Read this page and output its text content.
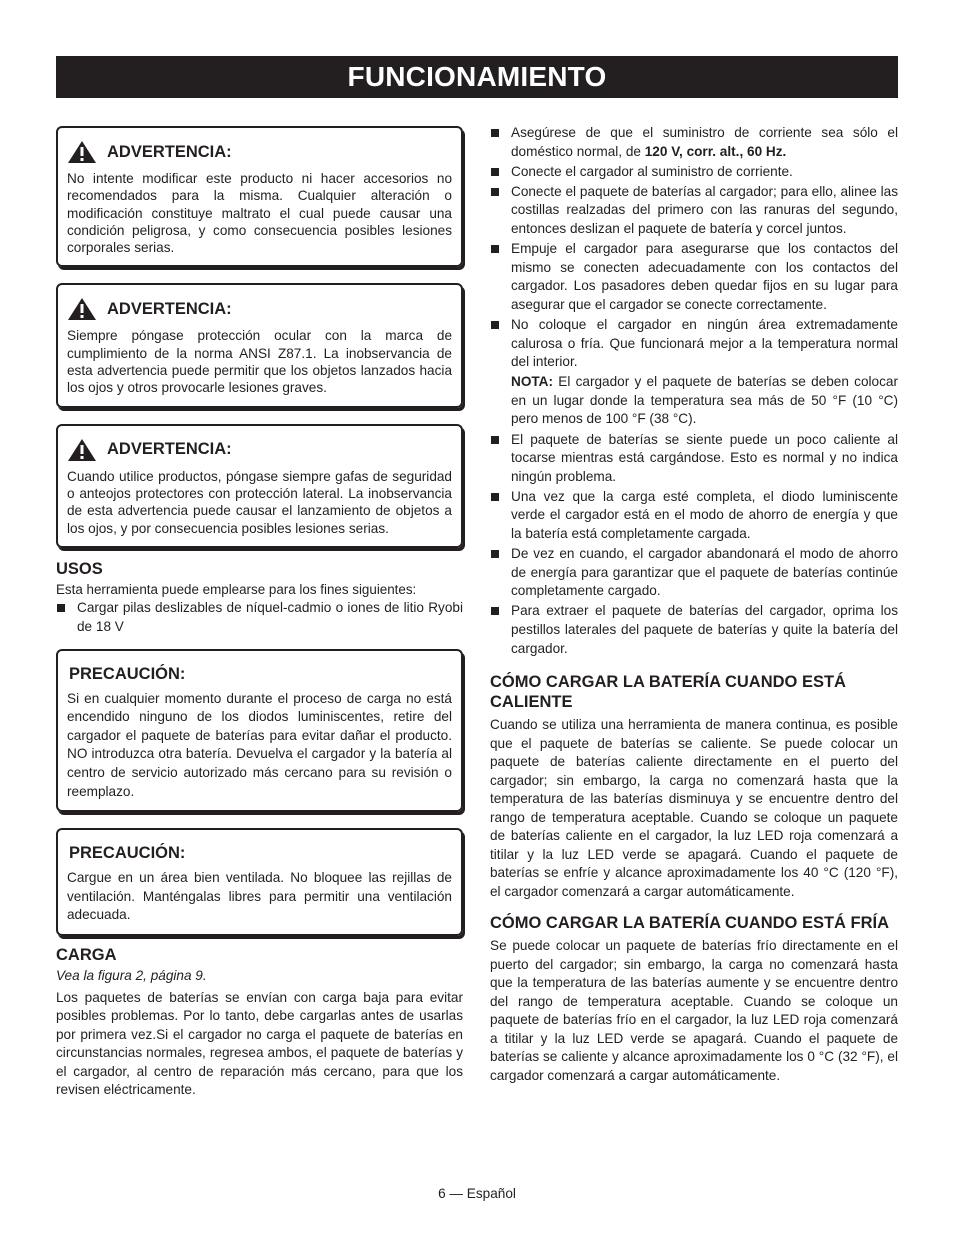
FUNCIONAMIENTO
ADVERTENCIA:
No intente modificar este producto ni hacer accesorios no recomendados para la misma. Cualquier alteración o modificación constituye maltrato el cual puede causar una condición peligrosa, y como consecuencia posibles lesiones corporales serias.
ADVERTENCIA:
Siempre póngase protección ocular con la marca de cumplimiento de la norma ANSI Z87.1. La inobservancia de esta advertencia puede permitir que los objetos lanzados hacia los ojos y otros provocarle lesiones graves.
ADVERTENCIA:
Cuando utilice productos, póngase siempre gafas de seguridad o anteojos protectores con protección lateral. La inobservancia de esta advertencia puede causar el lanzamiento de objetos a los ojos, y por consecuencia posibles lesiones serias.
USOS
Esta herramienta puede emplearse para los fines siguientes:
Cargar pilas deslizables de níquel-cadmio o iones de litio Ryobi de 18 V
PRECAUCIÓN:
Si en cualquier momento durante el proceso de carga no está encendido ninguno de los diodos luminiscentes, retire del cargador el paquete de baterías para evitar dañar el producto. NO introduzca otra batería. Devuelva el cargador y la batería al centro de servicio autorizado más cercano para su revisión o reemplazo.
PRECAUCIÓN:
Cargue en un área bien ventilada. No bloquee las rejillas de ventilación. Manténgalas libres para permitir una ventilación adecuada.
CARGA
Vea la figura 2, página 9.
Los paquetes de baterías se envían con carga baja para evitar posibles problemas. Por lo tanto, debe cargarlas antes de usarlas por primera vez.Si el cargador no carga el paquete de baterías en circunstancias normales, regresea ambos, el paquete de baterías y el cargador, al centro de reparación más cercano, para que los revisen eléctricamente.
Asegúrese de que el suministro de corriente sea sólo el doméstico normal, de 120 V, corr. alt., 60 Hz.
Conecte el cargador al suministro de corriente.
Conecte el paquete de baterías al cargador; para ello, alinee las costillas realzadas del primero con las ranuras del segundo, entonces deslizan el paquete de batería y corcel juntos.
Empuje el cargador para asegurarse que los contactos del mismo se conecten adecuadamente con los contactos del cargador. Los pasadores deben quedar fijos en su lugar para asegurar que el cargador se conecte correctamente.
No coloque el cargador en ningún área extremadamente calurosa o fría. Que funcionará mejor a la temperatura normal del interior.
NOTA: El cargador y el paquete de baterías se deben colocar en un lugar donde la temperatura sea más de 50 °F (10 °C) pero menos de 100 °F (38 °C).
El paquete de baterías se siente puede un poco caliente al tocarse mientras está cargándose. Esto es normal y no indica ningún problema.
Una vez que la carga esté completa, el diodo luminiscente verde el cargador está en el modo de ahorro de energía y que la batería está completamente cargada.
De vez en cuando, el cargador abandonará el modo de ahorro de energía para garantizar que el paquete de baterías continúe completamente cargado.
Para extraer el paquete de baterías del cargador, oprima los pestillos laterales del paquete de baterías y quite la batería del cargador.
CÓMO CARGAR LA BATERÍA CUANDO ESTÁ CALIENTE
Cuando se utiliza una herramienta de manera continua, es posible que el paquete de baterías se caliente. Se puede colocar un paquete de baterías caliente directamente en el puerto del cargador; sin embargo, la carga no comenzará hasta que la temperatura de las baterías disminuya y se encuentre dentro del rango de temperatura aceptable. Cuando se coloque un paquete de baterías caliente en el cargador, la luz LED roja comenzará a titilar y la luz LED verde se apagará. Cuando el paquete de baterías se enfríe y alcance aproximadamente los 40 °C (120 °F), el cargador comenzará a cargar automáticamente.
CÓMO CARGAR LA BATERÍA CUANDO ESTÁ FRÍA
Se puede colocar un paquete de baterías frío directamente en el puerto del cargador; sin embargo, la carga no comenzará hasta que la temperatura de las baterías aumente y se encuentre dentro del rango de temperatura aceptable. Cuando se coloque un paquete de baterías frío en el cargador, la luz LED roja comenzará a titilar y la luz LED verde se apagará. Cuando el paquete de baterías se caliente y alcance aproximadamente los 0 °C (32 °F), el cargador comenzará a cargar automáticamente.
6 — Español
